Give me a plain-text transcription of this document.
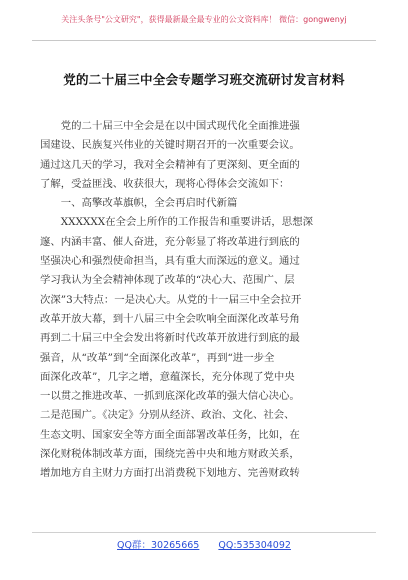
关注头条号"公文研究"，获得最新最全最专业的公文资料库！ 微信：gongwenyj
党的二十届三中全会专题学习班交流研讨发言材料
　　党的二十届三中全会是在以中国式现代化全面推进强
国建设、民族复兴伟业的关键时期召开的一次重要会议。
通过这几天的学习，我对全会精神有了更深刻、更全面的
了解，受益匪浅、收获很大，现将心得体会交流如下：
　　一、高擎改革旗帜，全会再启时代新篇
　　XXXXXX在全会上所作的工作报告和重要讲话，思想深
邃、内涵丰富、催人奋进，充分彰显了将改革进行到底的
坚强决心和强烈使命担当，具有重大而深远的意义。通过
学习我认为全会精神体现了改革的“决心大、范围广、层
次深”3大特点：一是决心大。从党的十一届三中全会拉开
改革开放大幕，到十八届三中全会吹响全面深化改革号角
再到二十届三中全会发出将新时代改革开放进行到底的最
强音，从“改革”到“全面深化改革”，再到“进一步全
面深化改革”，几字之增，意蕴深长，充分体现了党中央
一以贯之推进改革、一抓到底深化改革的强大信心决心。
二是范围广。《决定》分别从经济、政治、文化、社会、
生态文明、国家安全等方面全面部署改革任务，比如，在
深化财税体制改革方面，围绕完善中央和地方财政关系，
增加地方自主财力方面打出消费税下划地方、完善财政转
QQ群：30265665 QQ:535304092
